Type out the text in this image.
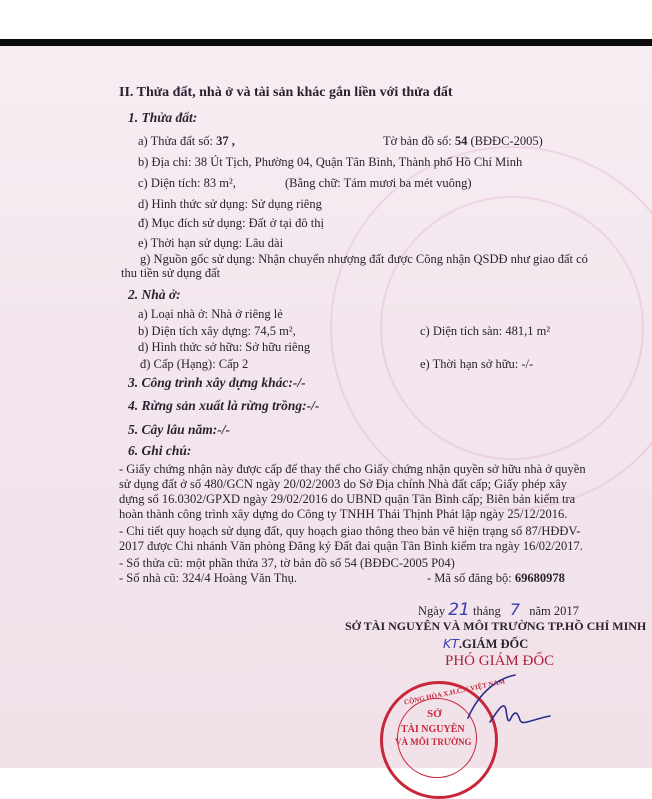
II. Thửa đất, nhà ở và tài sản khác gắn liền với thửa đất
1. Thửa đất:
a) Thửa đất số: 37 ,	Tờ bản đồ số: 54 (BĐĐC-2005)
b) Địa chỉ: 38 Út Tịch, Phường 04, Quận Tân Bình, Thành phố Hồ Chí Minh
c) Diện tích: 83 m²,	(Bằng chữ: Tám mươi ba mét vuông)
d) Hình thức sử dụng: Sử dụng riêng
đ) Mục đích sử dụng: Đất ở tại đô thị
e) Thời hạn sử dụng: Lâu dài
g) Nguồn gốc sử dụng: Nhận chuyển nhượng đất được Công nhận QSDĐ như giao đất có
thu tiền sử dụng đất
2. Nhà ở:
a) Loại nhà ở: Nhà ở riêng lẻ
b) Diện tích xây dựng: 74,5 m²,	c) Diện tích sàn: 481,1 m²
d) Hình thức sở hữu: Sở hữu riêng
đ) Cấp (Hạng): Cấp 2	e) Thời hạn sở hữu: -/-
3. Công trình xây dựng khác:-/-
4. Rừng sản xuất là rừng trồng:-/-
5. Cây lâu năm:-/-
6. Ghi chú:
- Giấy chứng nhận này được cấp để thay thế cho Giấy chứng nhận quyền sở hữu nhà ở quyền
sử dụng đất ở số 480/GCN ngày 20/02/2003 do Sở Địa chính Nhà đất cấp; Giấy phép xây
dựng số 16.0302/GPXD ngày 29/02/2016 do UBND quận Tân Bình cấp; Biên bản kiểm tra
hoàn thành công trình xây dựng do Công ty TNHH Thái Thịnh Phát lập ngày 25/12/2016.
- Chi tiết quy hoạch sử dụng đất, quy hoạch giao thông theo bản vẽ hiện trạng số 87/HĐĐV-
2017 được Chi nhánh Văn phòng Đăng ký Đất đai quận Tân Bình kiểm tra ngày 16/02/2017.
- Số thửa cũ: một phần thửa 37, tờ bản đồ số 54 (BĐĐC-2005 P04)
- Số nhà cũ: 324/4 Hoàng Văn Thụ.	- Mã số đăng bộ: 69680978
Ngày 21 tháng 7 năm 2017
SỞ TÀI NGUYÊN VÀ MÔI TRƯỜNG TP.HỒ CHÍ MINH
KT.GIÁM ĐỐC
PHÓ GIÁM ĐỐC
CỘNG HÒA X.H.C.N VIỆT NAM
SỞ
TÀI NGUYÊN
VÀ MÔI TRƯỜNG
